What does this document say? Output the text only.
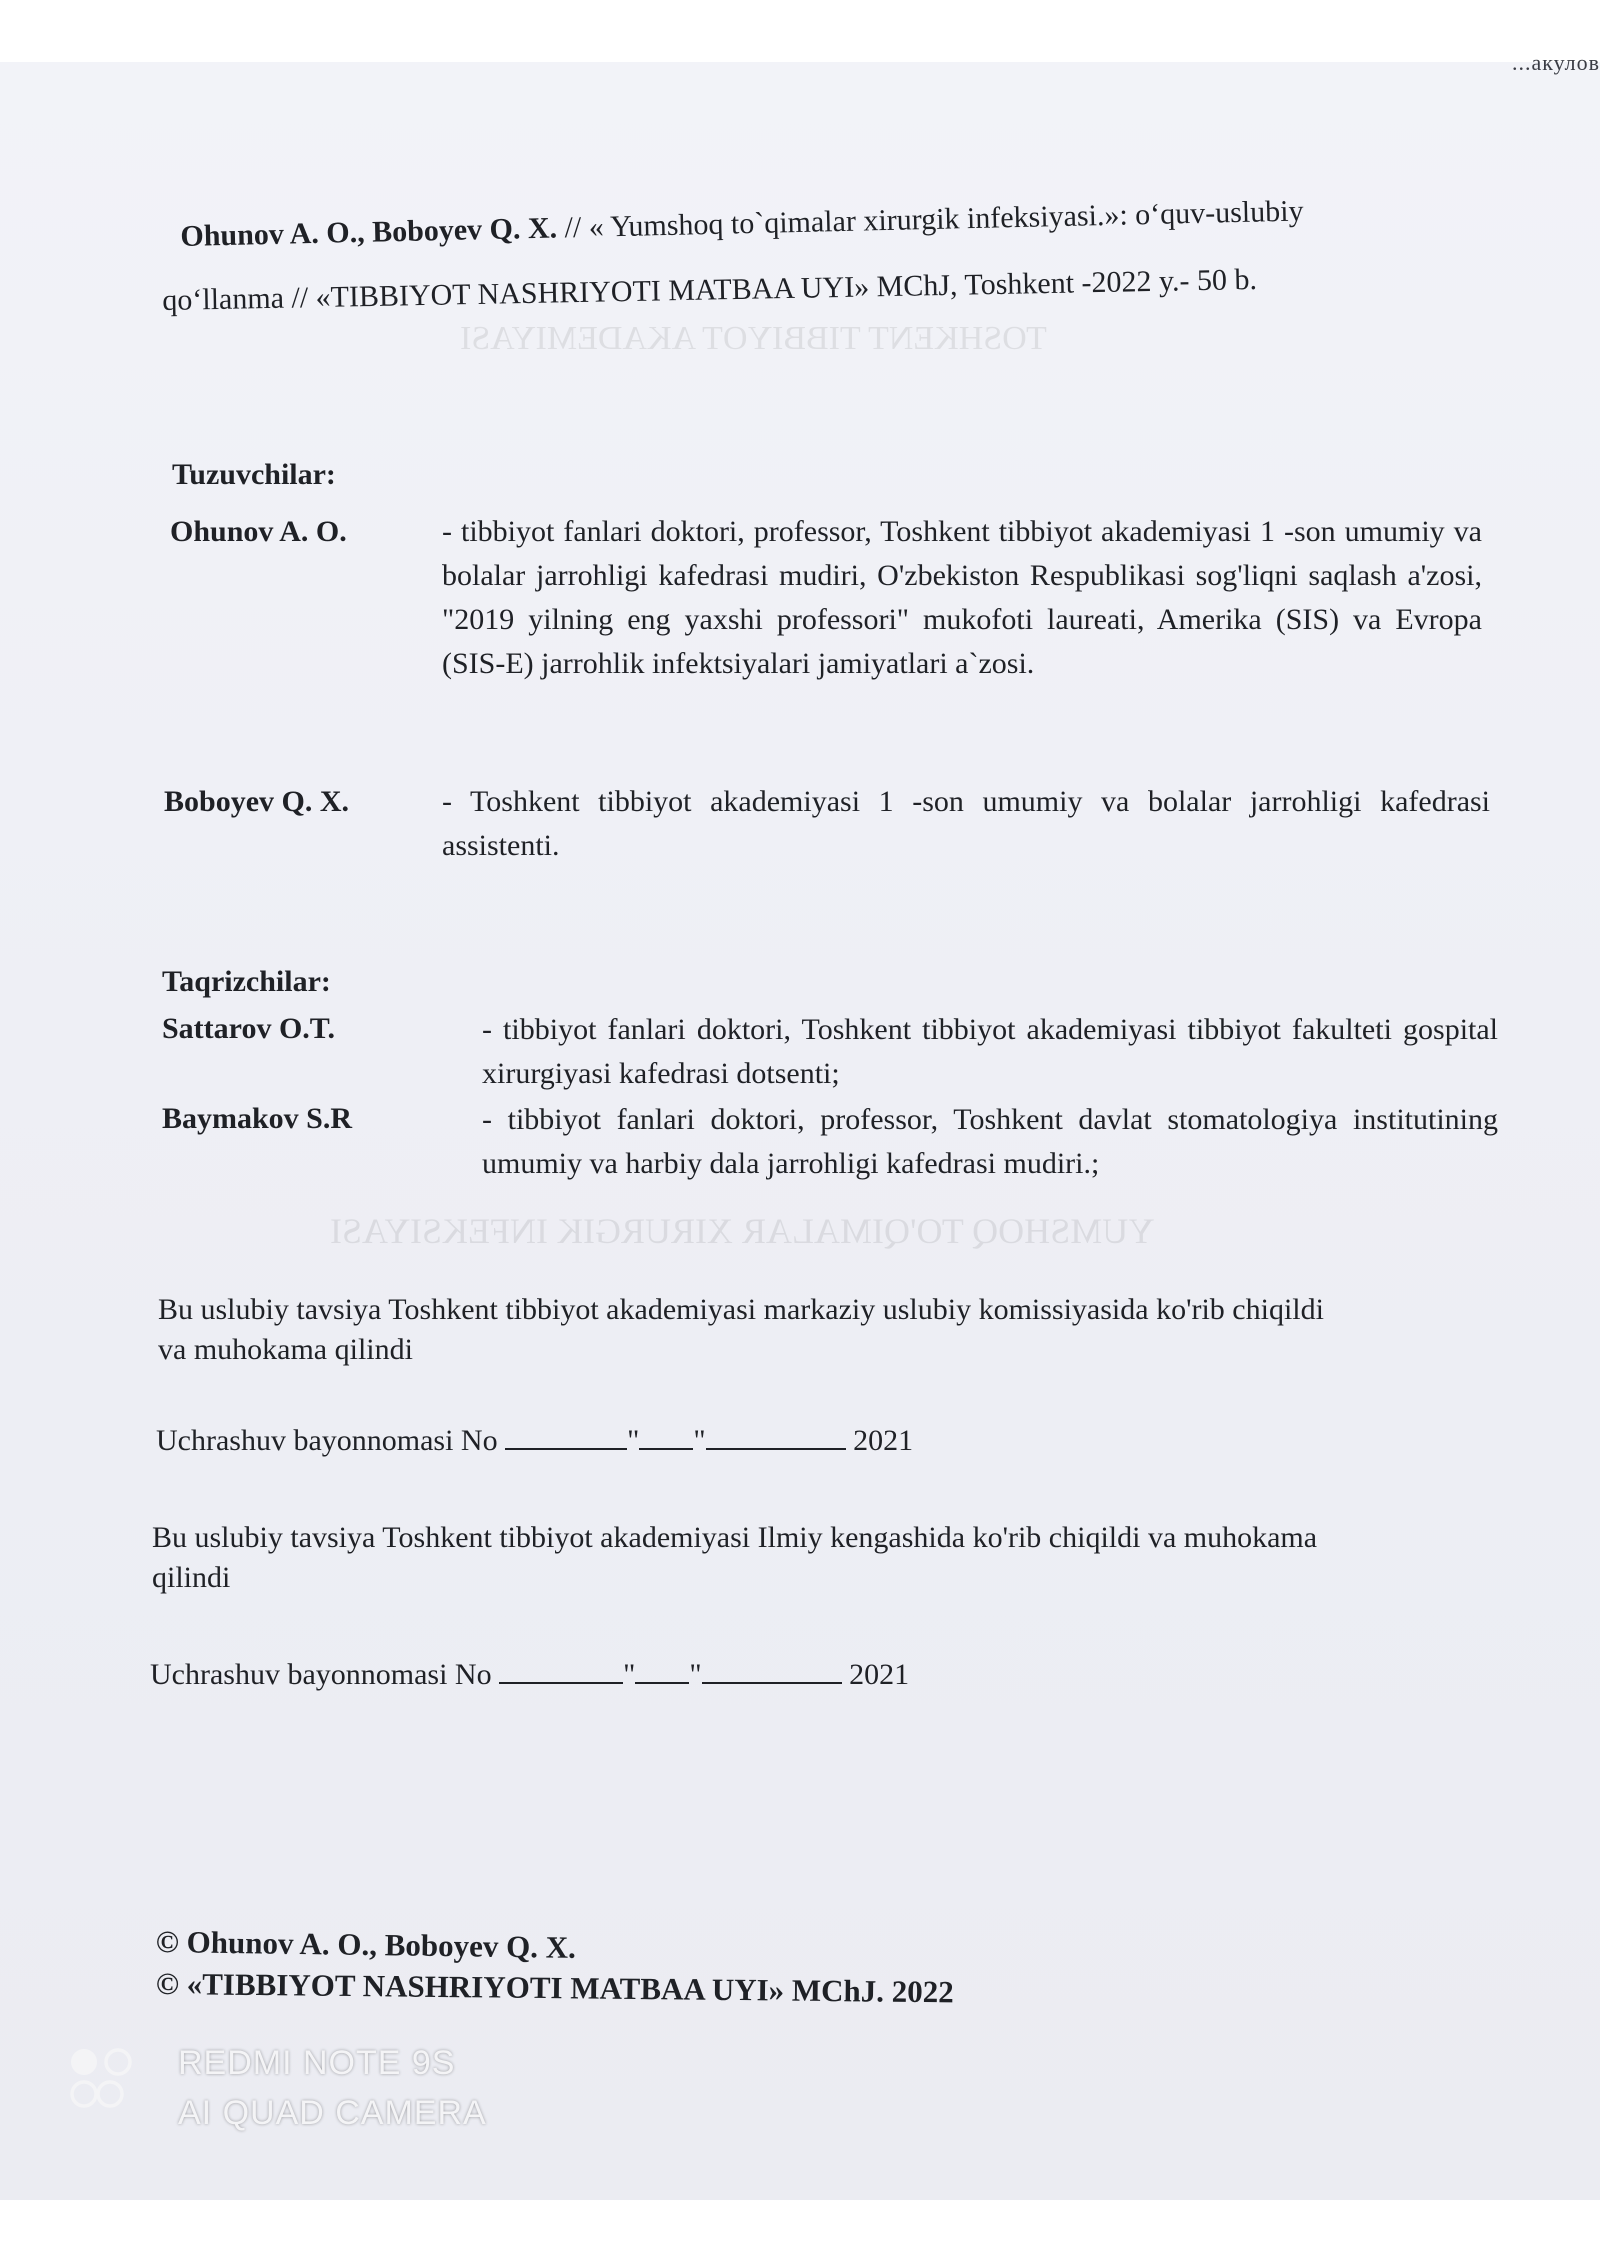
...акулов
TOSHKENT TIBBIYOT AKADEMIYASI
YUMSHOQ TO'QIMALAR XIRURGIK INFEKSIYASI
Ohunov A. O., Boboyev Q. X. // « Yumshoq to`qimalar xirurgik infeksiyasi.»: o‘quv-uslubiy
qo‘llanma // «TIBBIYOT NASHRIYOTI MATBAA UYI» MChJ, Toshkent -2022 y.- 50 b.
Tuzuvchilar:
Ohunov A. O.	- tibbiyot fanlari doktori, professor, Toshkent tibbiyot akademiyasi 1 -son umumiy va bolalar jarrohligi kafedrasi mudiri, O'zbekiston Respublikasi sog'liqni saqlash a'zosi, "2019 yilning eng yaxshi professori" mukofoti laureati, Amerika (SIS) va Evropa (SIS-E) jarrohlik infektsiyalari jamiyatlari a`zosi.
Boboyev Q. X.	- Toshkent tibbiyot akademiyasi 1 -son umumiy va bolalar jarrohligi kafedrasi assistenti.
Taqrizchilar:
Sattarov O.T.	- tibbiyot fanlari doktori, Toshkent tibbiyot akademiyasi tibbiyot fakulteti gospital xirurgiyasi kafedrasi dotsenti;
Baymakov S.R	- tibbiyot fanlari doktori, professor, Toshkent davlat stomatologiya institutining umumiy va harbiy dala jarrohligi kafedrasi mudiri.;
Bu uslubiy tavsiya Toshkent tibbiyot akademiyasi markaziy uslubiy komissiyasida ko'rib chiqildi
va muhokama qilindi
Uchrashuv bayonnomasi No	" "	2021
Bu uslubiy tavsiya Toshkent tibbiyot akademiyasi Ilmiy kengashida ko'rib chiqildi va muhokama
qilindi
Uchrashuv bayonnomasi No	" "	2021
© Ohunov A. O., Boboyev Q. X.
© «TIBBIYOT NASHRIYOTI MATBAA UYI» MChJ. 2022
REDMI NOTE 9S
AI QUAD CAMERA
